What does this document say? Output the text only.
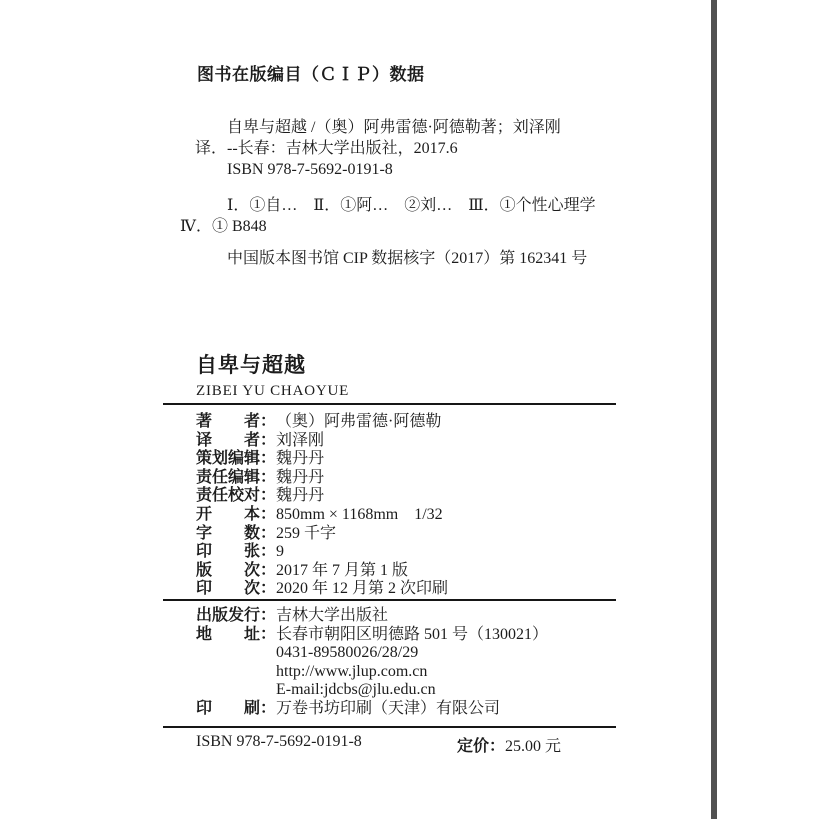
图书在版编目（ＣＩＰ）数据

自卑与超越 /（奥）阿弗雷德·阿德勒著；刘泽刚

译．--长春：吉林大学出版社，2017.6

ISBN 978-7-5692-0191-8

Ⅰ．①自…　Ⅱ．①阿…　②刘…　Ⅲ．①个性心理学

Ⅳ．① B848

中国版本图书馆 CIP 数据核字（2017）第 162341 号

自卑与超越

ZIBEI YU CHAOYUE

著　　者：（奥）阿弗雷德·阿德勒
译　　者：刘泽刚
策划编辑：魏丹丹
责任编辑：魏丹丹
责任校对：魏丹丹
开　　本：850mm × 1168mm　1/32
字　　数：259 千字
印　　张：9
版　　次：2017 年 7 月第 1 版
印　　次：2020 年 12 月第 2 次印刷
出版发行：吉林大学出版社
地　　址：长春市朝阳区明德路 501 号（130021）
0431-89580026/28/29
http://www.jlup.com.cn
E-mail:jdcbs@jlu.edu.cn
印　　刷：万卷书坊印刷（天津）有限公司
ISBN 978-7-5692-0191-8	定价：25.00 元
